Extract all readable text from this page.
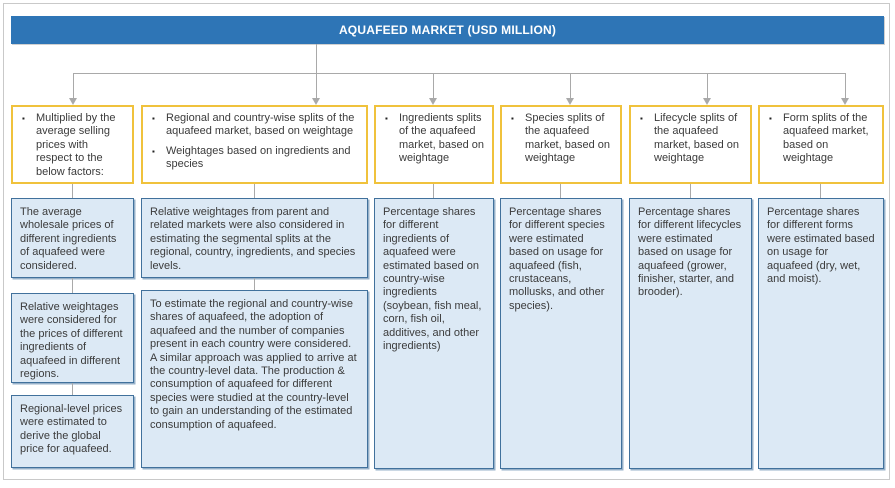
AQUAFEED MARKET (USD MILLION)
▪	Multiplied by the average selling prices with respect to the below factors:
The average wholesale prices of different ingredients of aquafeed were considered.
Relative weightages were considered for the prices of different ingredients of aquafeed in different regions.
Regional-level prices were estimated to derive the global price for aquafeed.
▪	Regional and country-wise splits of the aquafeed market, based on weightage
▪	Weightages based on ingredients and species
Relative weightages from parent and related markets were also considered in estimating the segmental splits at the regional, country, ingredients, and species levels.
To estimate the regional and country-wise shares of aquafeed, the adoption of aquafeed and the number of companies present in each country were considered. A similar approach was applied to arrive at the country-level data. The production & consumption of aquafeed for different species were studied at the country-level to gain an understanding of the estimated consumption of aquafeed.
▪	Ingredients splits of the aquafeed market, based on weightage
Percentage shares for different ingredients of aquafeed were estimated based on country-wise ingredients (soybean, fish meal, corn, fish oil, additives, and other ingredients)
▪	Species splits of the aquafeed market, based on weightage
Percentage shares for different species were estimated based on usage for aquafeed (fish, crustaceans, mollusks, and other species).
▪	Lifecycle splits of the aquafeed market, based on weightage
Percentage shares for different lifecycles were estimated based on usage for aquafeed (grower, finisher, starter, and brooder).
▪	Form splits of the aquafeed market, based on weightage
Percentage shares for different forms were estimated based on usage for aquafeed (dry, wet, and moist).
